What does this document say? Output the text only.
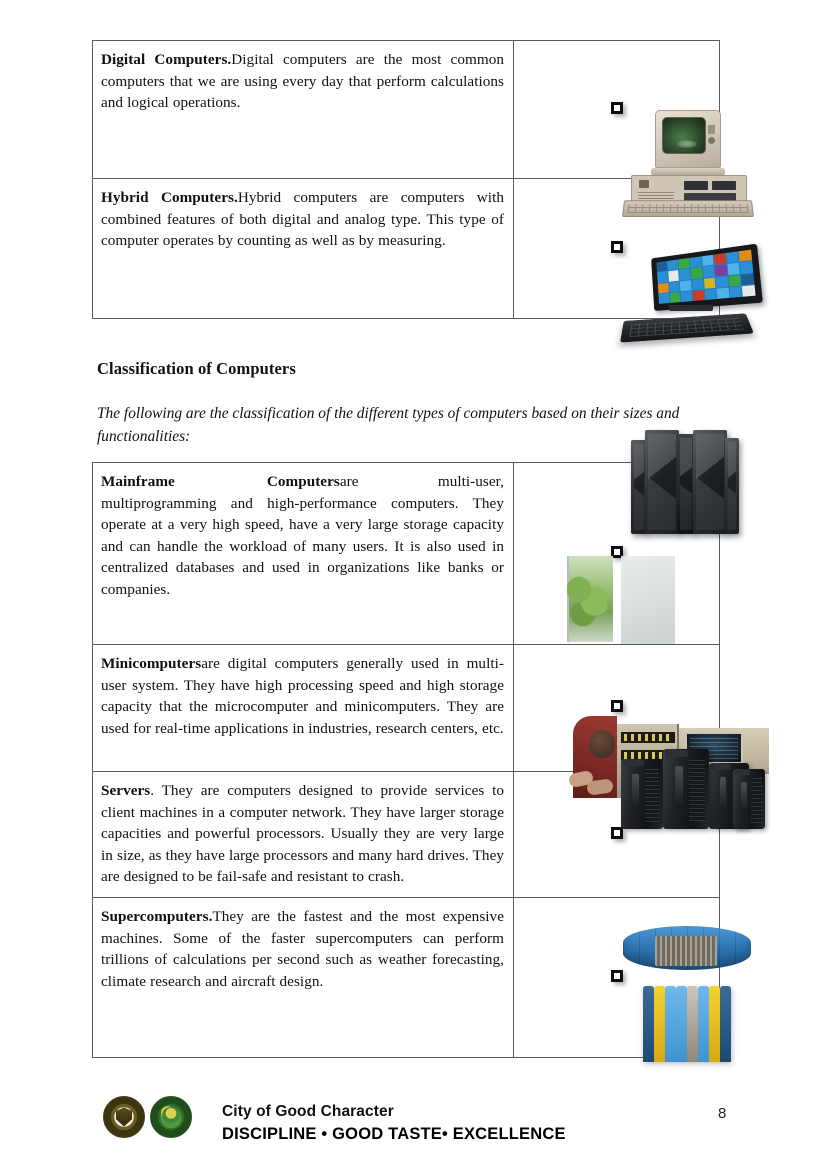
Digital Computers.Digital computers are the most common computers that we are using every day that perform calculations and logical operations.	

Hybrid Computers.Hybrid computers are computers with combined features of both digital and analog type. This type of computer operates by counting as well as by measuring.	

Classification of Computers
The following are the classification of the different types of computers based on their sizes and functionalities:

Mainframe Computersare multi-user, multiprogramming and high-performance computers. They operate at a very high speed, have a very large storage capacity and can handle the workload of many users. It is also used in centralized databases and used in organizations like banks or companies.	

Minicomputersare digital computers generally used in multi-user system. They have high processing speed and high storage capacity that the microcomputer and minicomputers. They are used for real-time applications in industries, research centers, etc.	

Servers. They are computers designed to provide services to client machines in a computer network. They have larger storage capacities and powerful processors. Usually they are very large in size, as they have large processors and many hard drives. They are designed to be fail-safe and resistant to crash.	

Supercomputers.They are the fastest and the most expensive machines. Some of the faster supercomputers can perform trillions of calculations per second such as weather forecasting, climate research and aircraft design.	

City of Good Character
DISCIPLINE • GOOD TASTE• EXCELLENCE
8
